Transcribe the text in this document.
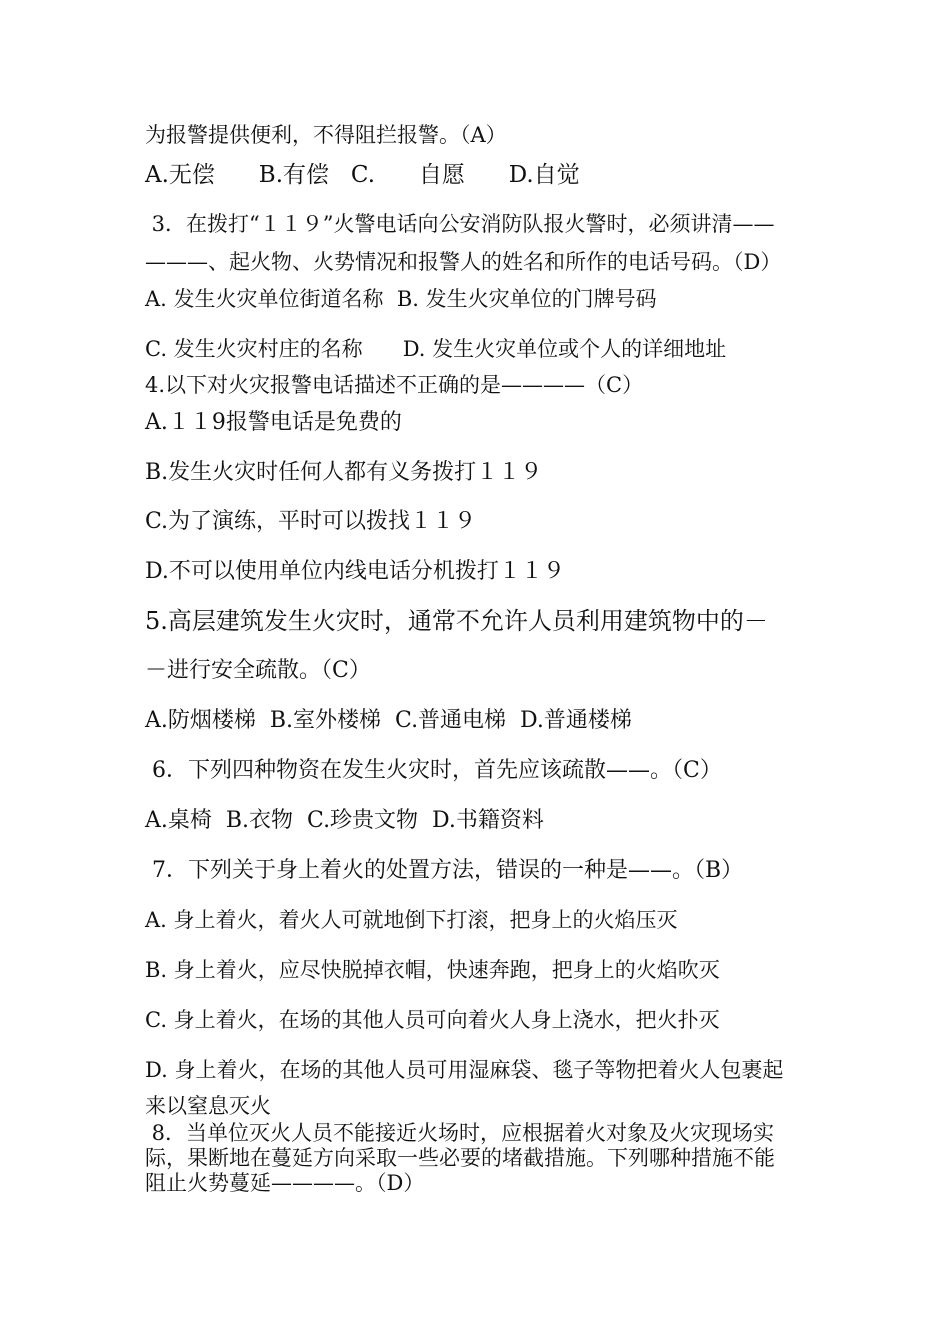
为报警提供便利，不得阻拦报警。（A）
A.无偿      B.有偿   C.      自愿      D.自觉
3．在拨打“１１９”火警电话向公安消防队报火警时，必须讲清——
———、起火物、火势情况和报警人的姓名和所作的电话号码。（D）
A. 发生火灾单位街道名称  B. 发生火灾单位的门牌号码
C. 发生火灾村庄的名称      D. 发生火灾单位或个人的详细地址
4.以下对火灾报警电话描述不正确的是————（C）
A.１１9报警电话是免费的
B.发生火灾时任何人都有义务拨打１１９
C.为了演练，平时可以拨找１１９
D.不可以使用单位内线电话分机拨打１１９
5.高层建筑发生火灾时，通常不允许人员利用建筑物中的－
－进行安全疏散。（C）
A.防烟楼梯  B.室外楼梯  C.普通电梯  D.普通楼梯
6．下列四种物资在发生火灾时，首先应该疏散——。（C）
A.桌椅  B.衣物  C.珍贵文物  D.书籍资料
7．下列关于身上着火的处置方法，错误的一种是——。（B）
A. 身上着火，着火人可就地倒下打滚，把身上的火焰压灭
B. 身上着火，应尽快脱掉衣帽，快速奔跑，把身上的火焰吹灭
C. 身上着火，在场的其他人员可向着火人身上浇水，把火扑灭
D. 身上着火，在场的其他人员可用湿麻袋、毯子等物把着火人包裹起
来以窒息灭火
8．当单位灭火人员不能接近火场时，应根据着火对象及火灾现场实
际，果断地在蔓延方向采取一些必要的堵截措施。下列哪种措施不能
阻止火势蔓延————。（D）
